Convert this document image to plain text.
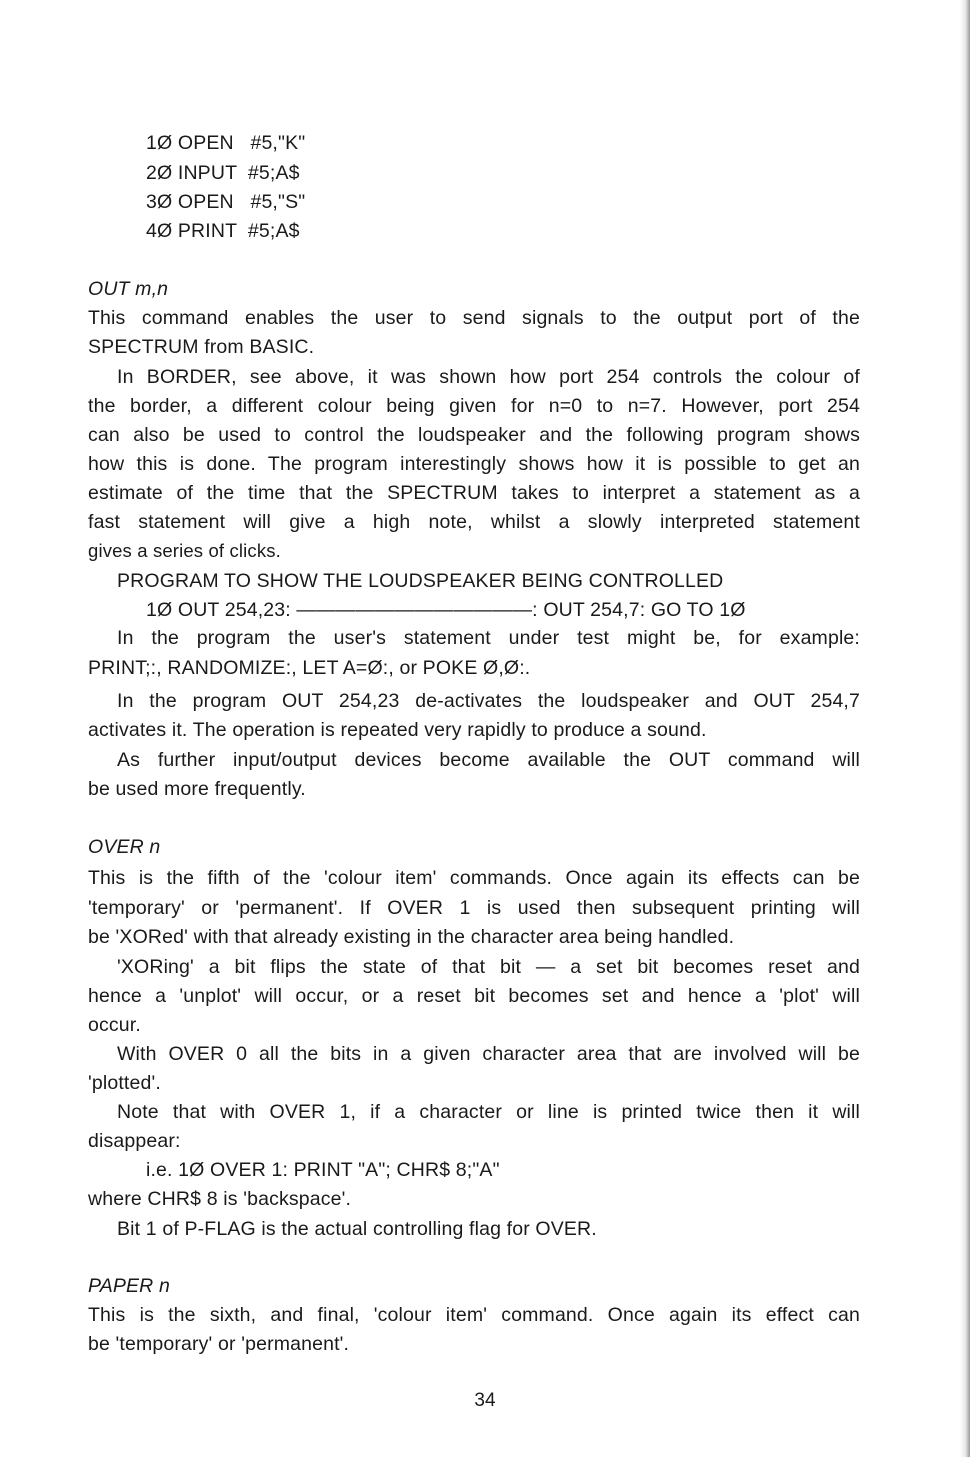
1Ø OPEN   #5,"K"
2Ø INPUT  #5;A$
3Ø OPEN   #5,"S"
4Ø PRINT  #5;A$
OUT m,n
This command enables the user to send signals to the output port of the
SPECTRUM from BASIC.
In BORDER, see above, it was shown how port 254 controls the colour of
the border, a different colour being given for n=0 to n=7. However, port 254
can also be used to control the loudspeaker and the following program shows
how this is done. The program interestingly shows how it is possible to get an
estimate of the time that the SPECTRUM takes to interpret a statement as a
fast statement will give a high note, whilst a slowly interpreted statement
gives a series of clicks.
PROGRAM TO SHOW THE LOUDSPEAKER BEING CONTROLLED
1Ø OUT 254,23: ————————————: OUT 254,7: GO TO 1Ø
In the program the user's statement under test might be, for example:
PRINT;:, RANDOMIZE:, LET A=Ø:, or POKE Ø,Ø:.
In the program OUT 254,23 de-activates the loudspeaker and OUT 254,7
activates it. The operation is repeated very rapidly to produce a sound.
As further input/output devices become available the OUT command will
be used more frequently.
OVER n
This is the fifth of the 'colour item' commands. Once again its effects can be
'temporary' or 'permanent'. If OVER 1 is used then subsequent printing will
be 'XORed' with that already existing in the character area being handled.
'XORing' a bit flips the state of that bit — a set bit becomes reset and
hence a 'unplot' will occur, or a reset bit becomes set and hence a 'plot' will
occur.
With OVER 0 all the bits in a given character area that are involved will be
'plotted'.
Note that with OVER 1, if a character or line is printed twice then it will
disappear:
i.e. 1Ø OVER 1: PRINT "A"; CHR$ 8;"A"
where CHR$ 8 is 'backspace'.
Bit 1 of P-FLAG is the actual controlling flag for OVER.
PAPER n
This is the sixth, and final, 'colour item' command. Once again its effect can
be 'temporary' or 'permanent'.
34
